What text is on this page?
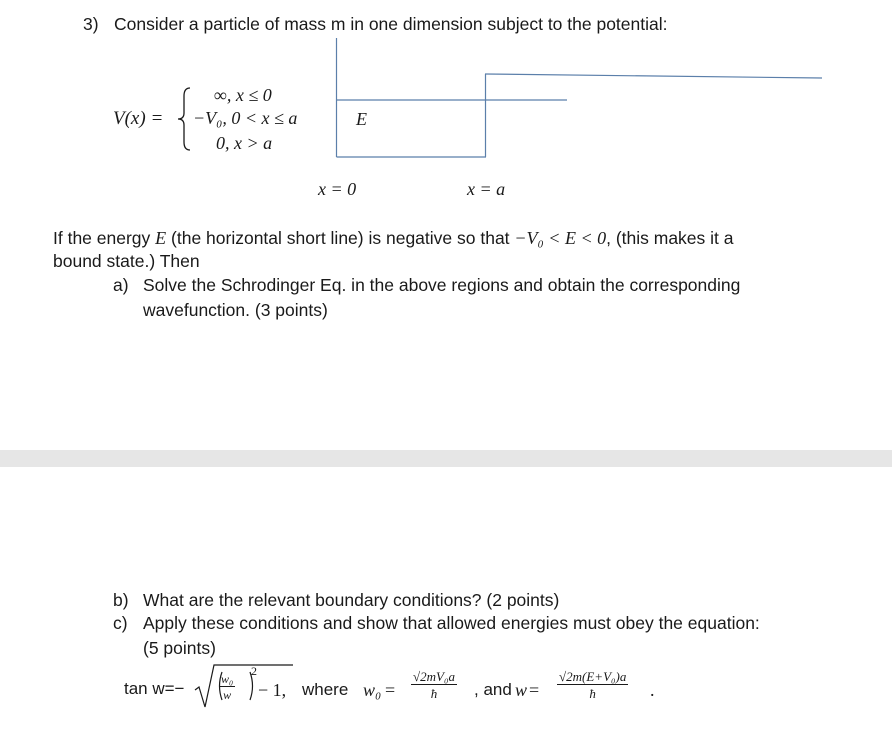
3) Consider a particle of mass m in one dimension subject to the potential:
V(x) =
∞, x ≤ 0
−V₀, 0 < x ≤ a
0, x > a
E
x = 0	x = a
If the energy E (the horizontal short line) is negative so that −V₀ < E < 0, (this makes it a
bound state.) Then
a) Solve the Schrodinger Eq. in the above regions and obtain the corresponding
wavefunction. (3 points)
b) What are the relevant boundary conditions? (2 points)
c) Apply these conditions and show that allowed energies must obey the equation:
(5 points)
tan w=−	$\frac{\text{w₀}}{w}$
2
− 1, where $w_0 = \frac{\text{√2mV₀a}}{ħ}$ , and $w = \frac{\text{√2m(E+V₀)a}}{ħ}$ .
